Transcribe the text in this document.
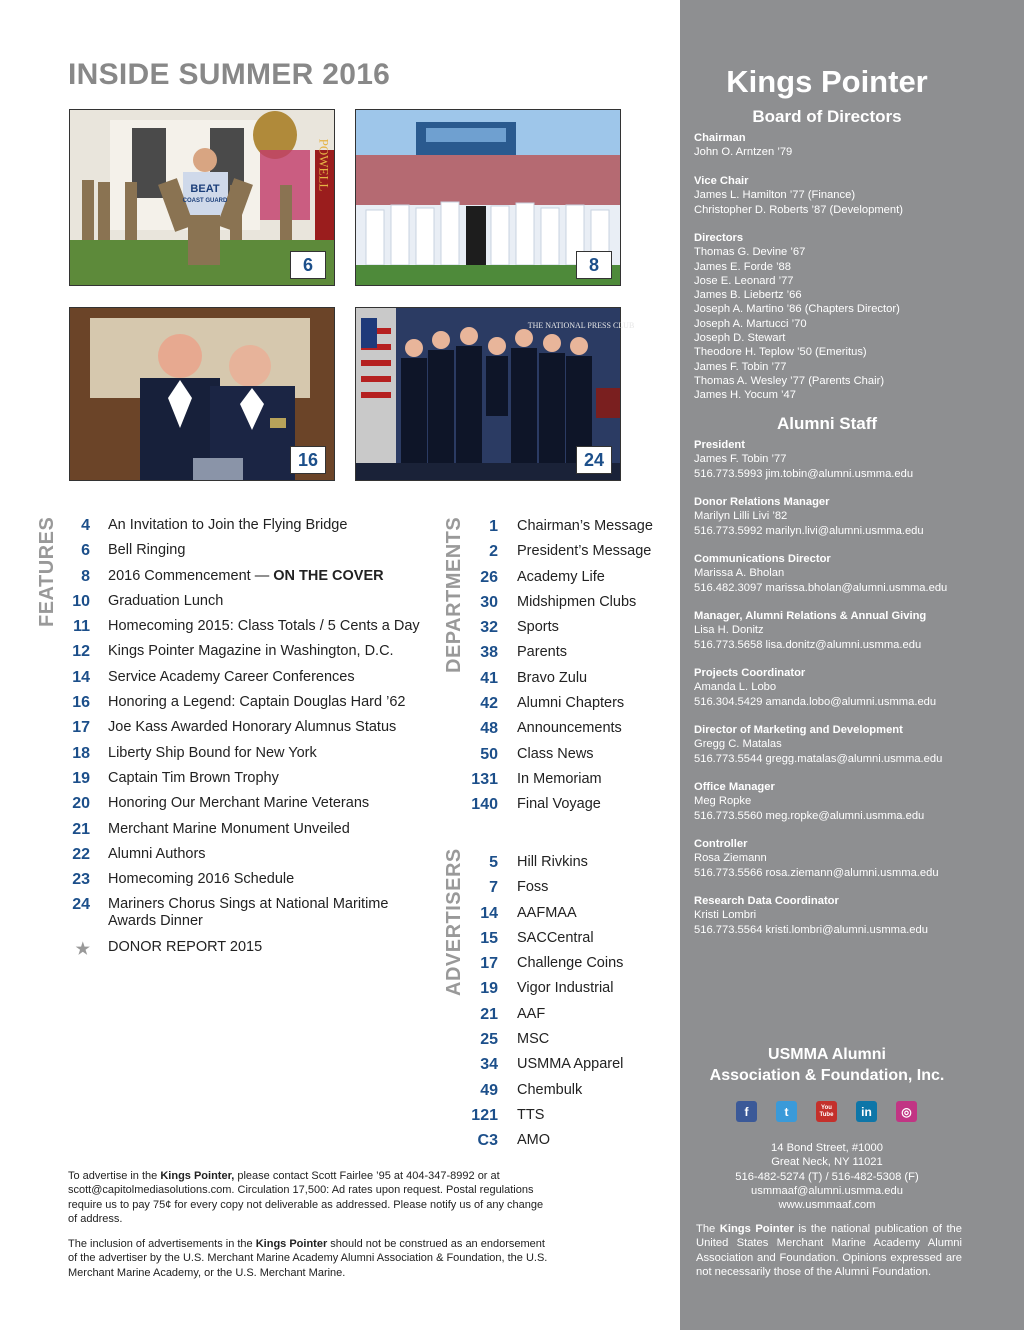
INSIDE SUMMER 2016
POWELL
BEAT
COAST GUARD
6	8
16
THE NATIONAL PRESS CLUB
24
FEATURES	4 An Invitation to Join the Flying Bridge
6 Bell Ringing
8 2016 Commencement — ON THE COVER
10 Graduation Lunch
11 Homecoming 2015: Class Totals / 5 Cents a Day
12 Kings Pointer Magazine in Washington, D.C.
14 Service Academy Career Conferences
16 Honoring a Legend: Captain Douglas Hard ’62
17 Joe Kass Awarded Honorary Alumnus Status
18 Liberty Ship Bound for New York
19 Captain Tim Brown Trophy
20 Honoring Our Merchant Marine Veterans
21 Merchant Marine Monument Unveiled
22 Alumni Authors
23 Homecoming 2016 Schedule
24 Mariners Chorus Sings at National Maritime Awards Dinner
★ DONOR REPORT 2015
DEPARTMENTS	1 Chairman’s Message
2 President’s Message
26 Academy Life
30 Midshipmen Clubs
32 Sports
38 Parents
41 Bravo Zulu
42 Alumni Chapters
48 Announcements
50 Class News
131 In Memoriam
140 Final Voyage
ADVERTISERS	5 Hill Rivkins
7 Foss
14 AAFMAA
15 SACCentral
17 Challenge Coins
19 Vigor Industrial
21 AAF
25 MSC
34 USMMA Apparel
49 Chembulk
121 TTS
C3 AMO
To advertise in the Kings Pointer, please contact Scott Fairlee ’95 at 404-347-8992 or at scott@capitolmediasolutions.com. Circulation 17,500: Ad rates upon request. Postal regulations require us to pay 75¢ for every copy not deliverable as addressed. Please notify us of any change of address.
The inclusion of advertisements in the Kings Pointer should not be construed as an endorsement of the advertiser by the U.S. Merchant Marine Academy Alumni Association & Foundation, the U.S. Merchant Marine Academy, or the U.S. Merchant Marine.
Kings Pointer
Board of Directors
Chairman
John O. Arntzen ’79
Vice Chair
James L. Hamilton ’77 (Finance)
Christopher D. Roberts ’87 (Development)
Directors
Thomas G. Devine ’67
James E. Forde ’88
Jose E. Leonard ’77
James B. Liebertz ’66
Joseph A. Martino ’86 (Chapters Director)
Joseph A. Martucci ’70
Joseph D. Stewart
Theodore H. Teplow ’50 (Emeritus)
James F. Tobin ’77
Thomas A. Wesley ’77 (Parents Chair)
James H. Yocum ’47
Alumni Staff
President
James F. Tobin ’77
516.773.5993 jim.tobin@alumni.usmma.edu
Donor Relations Manager
Marilyn Lilli Livi ’82
516.773.5992 marilyn.livi@alumni.usmma.edu
Communications Director
Marissa A. Bholan
516.482.3097 marissa.bholan@alumni.usmma.edu
Manager, Alumni Relations & Annual Giving
Lisa H. Donitz
516.773.5658 lisa.donitz@alumni.usmma.edu
Projects Coordinator
Amanda L. Lobo
516.304.5429 amanda.lobo@alumni.usmma.edu
Director of Marketing and Development
Gregg C. Matalas
516.773.5544 gregg.matalas@alumni.usmma.edu
Office Manager
Meg Ropke
516.773.5560 meg.ropke@alumni.usmma.edu
Controller
Rosa Ziemann
516.773.5566 rosa.ziemann@alumni.usmma.edu
Research Data Coordinator
Kristi Lombri
516.773.5564 kristi.lombri@alumni.usmma.edu
USMMA Alumni
Association & Foundation, Inc.
f	t	You Tube	in	◎
14 Bond Street, #1000
Great Neck, NY 11021
516-482-5274 (T) / 516-482-5308 (F)
usmmaaf@alumni.usmma.edu
www.usmmaaf.com
The Kings Pointer is the national publication of the United States Merchant Marine Academy Alumni Association and Foundation. Opinions expressed are not necessarily those of the Alumni Foundation.
